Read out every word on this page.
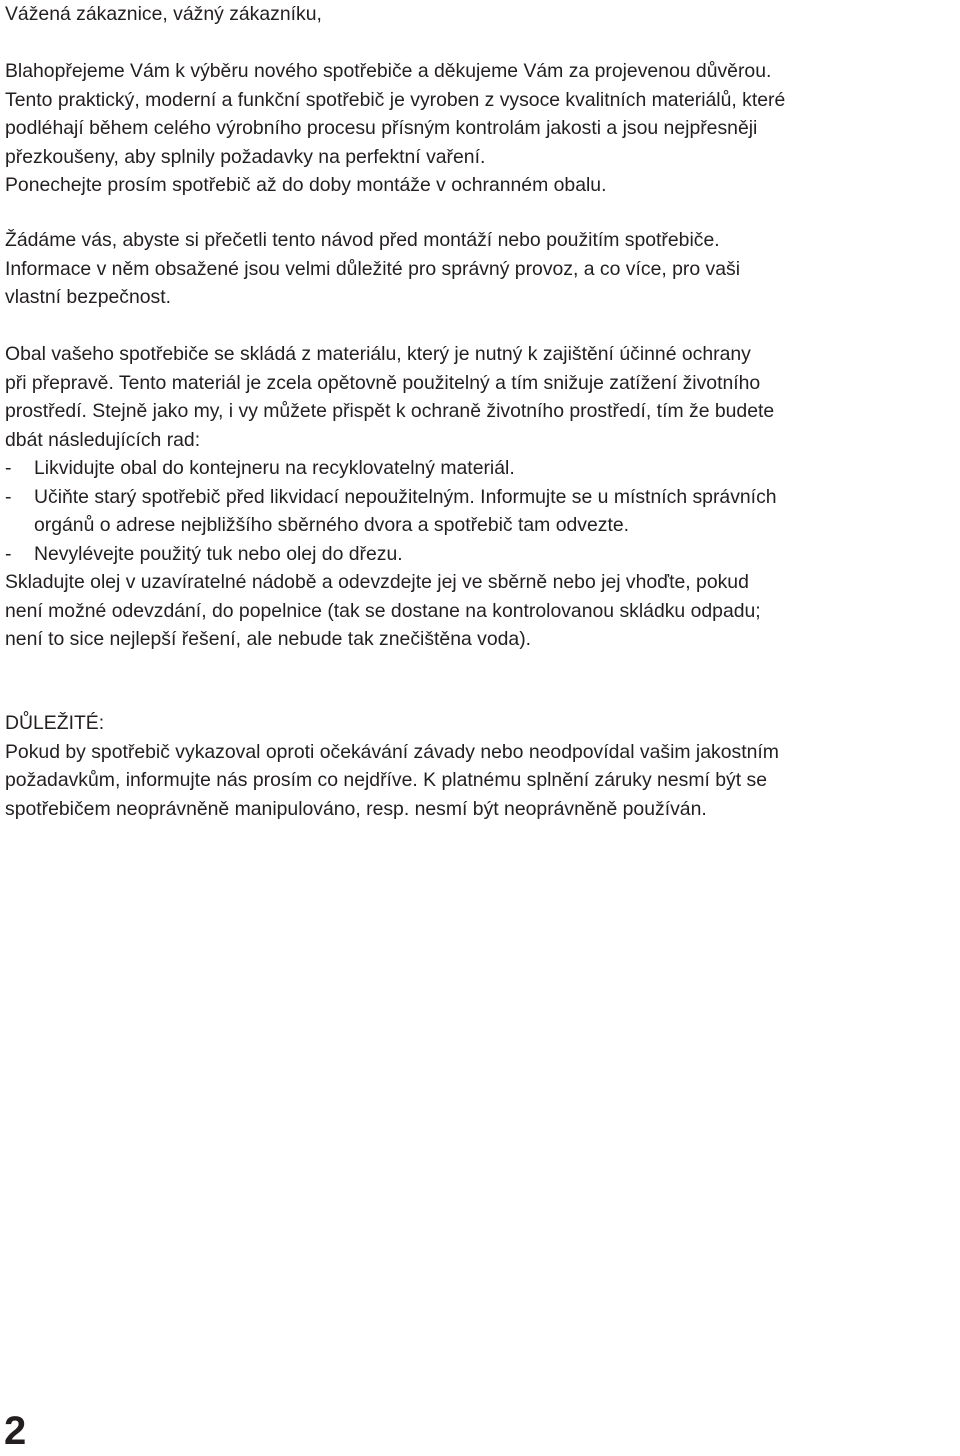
Vážená zákaznice, vážný zákazníku,

Blahopřejeme Vám k výběru nového spotřebiče a děkujeme Vám za projevenou důvěrou.
Tento praktický, moderní a funkční spotřebič je vyroben z vysoce kvalitních materiálů, které
podléhají během celého výrobního procesu přísným kontrolám jakosti a jsou nejpřesněji
přezkoušeny, aby splnily požadavky na perfektní vaření.
Ponechejte prosím spotřebič až do doby montáže v ochranném obalu.

Žádáme vás, abyste si přečetli tento návod před montáží nebo použitím spotřebiče.
Informace v něm obsažené jsou velmi důležité pro správný provoz, a co více, pro vaši
vlastní bezpečnost.

Obal vašeho spotřebiče se skládá z materiálu, který je nutný k zajištění účinné ochrany
při přepravě. Tento materiál je zcela opětovně použitelný a tím snižuje zatížení životního
prostředí. Stejně jako my, i vy můžete přispět k ochraně životního prostředí, tím že budete
dbát následujících rad:
- Likvidujte obal do kontejneru na recyklovatelný materiál.
- Učiňte starý spotřebič před likvidací nepoužitelným. Informujte se u místních správních
orgánů o adrese nejbližšího sběrného dvora a spotřebič tam odvezte.
- Nevylévejte použitý tuk nebo olej do dřezu.
Skladujte olej v uzavíratelné nádobě a odevzdejte jej ve sběrně nebo jej vhoďte, pokud
není možné odevzdání, do popelnice (tak se dostane na kontrolovanou skládku odpadu;
není to sice nejlepší řešení, ale nebude tak znečištěna voda).

DŮLEŽITÉ:
Pokud by spotřebič vykazoval oproti očekávání závady nebo neodpovídal vašim jakostním
požadavkům, informujte nás prosím co nejdříve. K platnému splnění záruky nesmí být se
spotřebičem neoprávněně manipulováno, resp. nesmí být neoprávněně používán.

2
